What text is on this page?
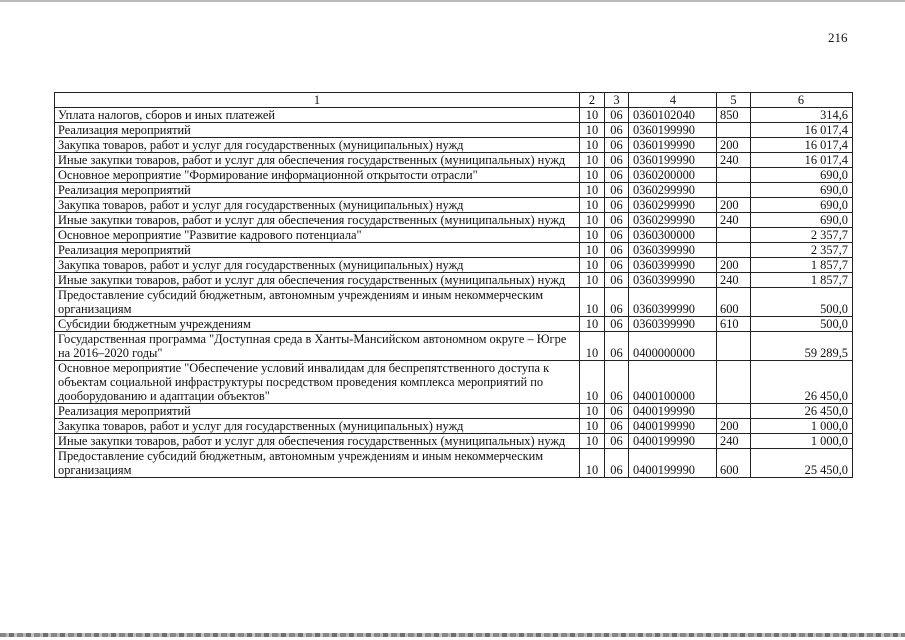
216
1	2	3	4	5	6
Уплата налогов, сборов и иных платежей	10	06	0360102040	850	314,6
Реализация мероприятий	10	06	0360199990		16 017,4
Закупка товаров, работ и услуг для государственных (муниципальных) нужд	10	06	0360199990	200	16 017,4
Иные закупки товаров, работ и услуг для обеспечения государственных (муниципальных) нужд	10	06	0360199990	240	16 017,4
Основное мероприятие "Формирование информационной открытости отрасли"	10	06	0360200000		690,0
Реализация мероприятий	10	06	0360299990		690,0
Закупка товаров, работ и услуг для государственных (муниципальных) нужд	10	06	0360299990	200	690,0
Иные закупки товаров, работ и услуг для обеспечения государственных (муниципальных) нужд	10	06	0360299990	240	690,0
Основное мероприятие "Развитие кадрового потенциала"	10	06	0360300000		2 357,7
Реализация мероприятий	10	06	0360399990		2 357,7
Закупка товаров, работ и услуг для государственных (муниципальных) нужд	10	06	0360399990	200	1 857,7
Иные закупки товаров, работ и услуг для обеспечения государственных (муниципальных) нужд	10	06	0360399990	240	1 857,7
Предоставление субсидий бюджетным, автономным учреждениям и иным некоммерческим организациям	10	06	0360399990	600	500,0
Субсидии бюджетным учреждениям	10	06	0360399990	610	500,0
Государственная программа "Доступная среда в Ханты-Мансийском автономном округе – Югре на 2016–2020 годы"	10	06	0400000000		59 289,5
Основное мероприятие "Обеспечение условий инвалидам для беспрепятственного доступа к объектам социальной инфраструктуры посредством проведения комплекса мероприятий по дооборудованию и адаптации объектов"	10	06	0400100000		26 450,0
Реализация мероприятий	10	06	0400199990		26 450,0
Закупка товаров, работ и услуг для государственных (муниципальных) нужд	10	06	0400199990	200	1 000,0
Иные закупки товаров, работ и услуг для обеспечения государственных (муниципальных) нужд	10	06	0400199990	240	1 000,0
Предоставление субсидий бюджетным, автономным учреждениям и иным некоммерческим организациям	10	06	0400199990	600	25 450,0
